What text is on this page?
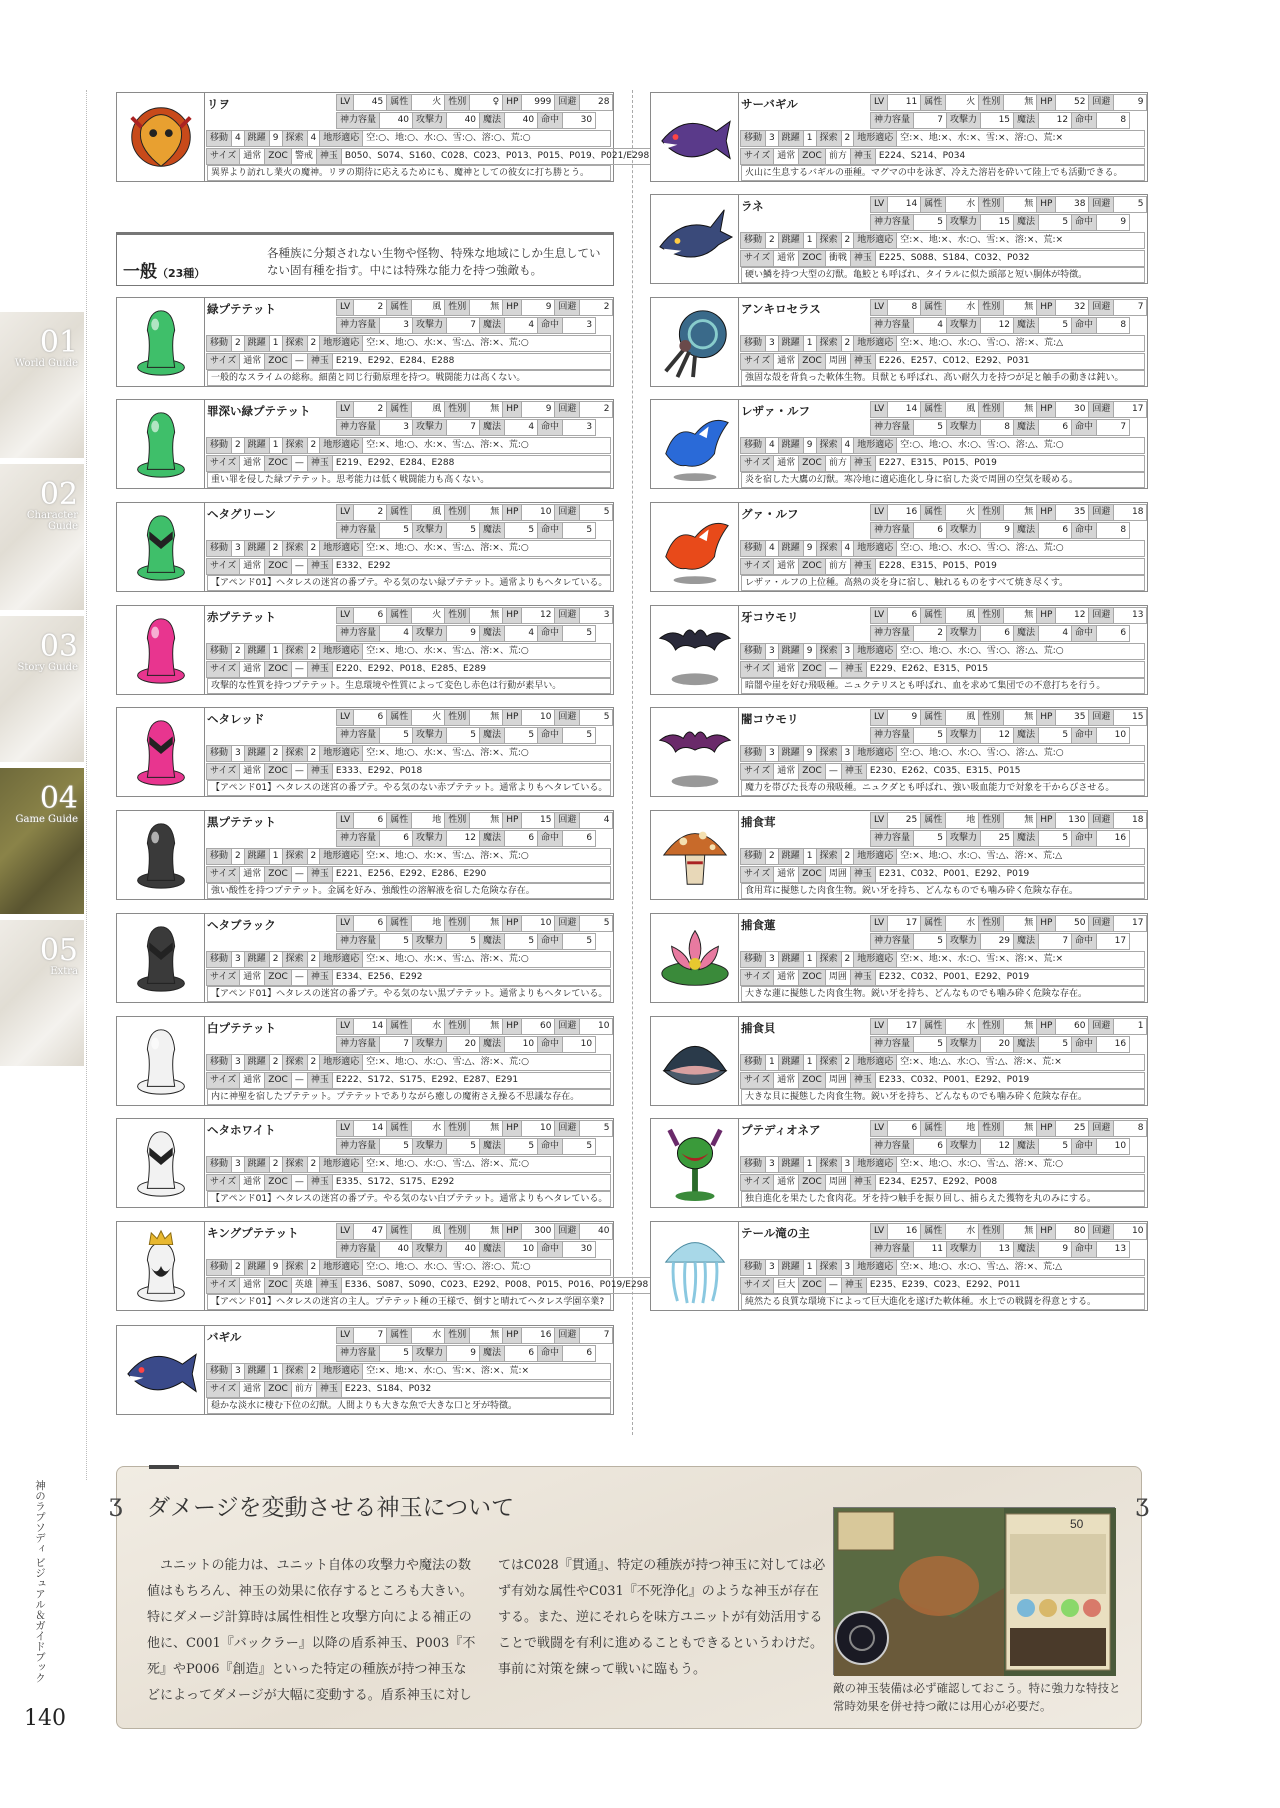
01
World Guide
02
Character Guide
03
Story Guide
04
Game Guide
05
Extra
一般（23種）
各種族に分類されない生物や怪物、特殊な地域にしか生息していない固有種を指す。中には特殊な能力を持つ強敵も。
リヲ	LV	45 属性	火 性別	♀ HP	999 回避	28
神力容量	40 攻撃力	40 魔法	40 命中	30
移動 4 跳躍 9 探索 4 地形適応 空:○、地:○、水:○、雪:○、溶:○、荒:○
サイズ 通常 ZOC 警戒 神玉 B050、S074、S160、C028、C023、P013、P015、P019、P021/E298
異界より訪れし業火の魔神。リヲの期待に応えるためにも、魔神としての彼女に打ち勝とう。
緑プテテット	LV	2 属性	風 性別	無 HP	9 回避	2
神力容量	3 攻撃力	7 魔法	4 命中	3
移動 2 跳躍 1 探索 2 地形適応 空:×、地:○、水:×、雪:△、溶:×、荒:○
サイズ 通常 ZOC — 神玉 E219、E292、E284、E288
一般的なスライムの総称。細菌と同じ行動原理を持つ。戦闘能力は高くない。
罪深い緑プテテット	LV	2 属性	風 性別	無 HP	9 回避	2
神力容量	3 攻撃力	7 魔法	4 命中	3
移動 2 跳躍 1 探索 2 地形適応 空:×、地:○、水:×、雪:△、溶:×、荒:○
サイズ 通常 ZOC — 神玉 E219、E292、E284、E288
重い罪を侵した緑プテテット。思考能力は低く戦闘能力も高くない。
ヘタグリーン	LV	2 属性	風 性別	無 HP	10 回避	5
神力容量	5 攻撃力	5 魔法	5 命中	5
移動 3 跳躍 2 探索 2 地形適応 空:×、地:○、水:×、雪:△、溶:×、荒:○
サイズ 通常 ZOC — 神玉 E332、E292
【アペンド01】ヘタレスの迷宮の番プテ。やる気のない緑プテテット。通常よりもヘタレている。
赤プテテット	LV	6 属性	火 性別	無 HP	12 回避	3
神力容量	4 攻撃力	9 魔法	4 命中	5
移動 2 跳躍 1 探索 2 地形適応 空:×、地:○、水:×、雪:△、溶:×、荒:○
サイズ 通常 ZOC — 神玉 E220、E292、P018、E285、E289
攻撃的な性質を持つプテテット。生息環境や性質によって変色し赤色は行動が素早い。
ヘタレッド	LV	6 属性	火 性別	無 HP	10 回避	5
神力容量	5 攻撃力	5 魔法	5 命中	5
移動 3 跳躍 2 探索 2 地形適応 空:×、地:○、水:×、雪:△、溶:×、荒:○
サイズ 通常 ZOC — 神玉 E333、E292、P018
【アペンド01】ヘタレスの迷宮の番プテ。やる気のない赤プテテット。通常よりもヘタレている。
黒プテテット	LV	6 属性	地 性別	無 HP	15 回避	4
神力容量	6 攻撃力	12 魔法	6 命中	6
移動 2 跳躍 1 探索 2 地形適応 空:×、地:○、水:×、雪:△、溶:×、荒:○
サイズ 通常 ZOC — 神玉 E221、E256、E292、E286、E290
強い酸性を持つプテテット。金属を好み、強酸性の溶解液を宿した危険な存在。
ヘタブラック	LV	6 属性	地 性別	無 HP	10 回避	5
神力容量	5 攻撃力	5 魔法	5 命中	5
移動 3 跳躍 2 探索 2 地形適応 空:×、地:○、水:×、雪:△、溶:×、荒:○
サイズ 通常 ZOC — 神玉 E334、E256、E292
【アペンド01】ヘタレスの迷宮の番プテ。やる気のない黒プテテット。通常よりもヘタレている。
白プテテット	LV	14 属性	水 性別	無 HP	60 回避	10
神力容量	7 攻撃力	20 魔法	10 命中	10
移動 3 跳躍 2 探索 2 地形適応 空:×、地:○、水:○、雪:△、溶:×、荒:○
サイズ 通常 ZOC — 神玉 E222、S172、S175、E292、E287、E291
内に神聖を宿したプテテット。プテテットでありながら癒しの魔術さえ操る不思議な存在。
ヘタホワイト	LV	14 属性	水 性別	無 HP	10 回避	5
神力容量	5 攻撃力	5 魔法	5 命中	5
移動 3 跳躍 2 探索 2 地形適応 空:×、地:○、水:○、雪:△、溶:×、荒:○
サイズ 通常 ZOC — 神玉 E335、S172、S175、E292
【アペンド01】ヘタレスの迷宮の番プテ。やる気のない白プテテット。通常よりもヘタレている。
キングプテテット	LV	47 属性	風 性別	無 HP	300 回避	40
神力容量	40 攻撃力	40 魔法	10 命中	30
移動 2 跳躍 9 探索 2 地形適応 空:○、地:○、水:○、雪:○、溶:○、荒:○
サイズ 通常 ZOC 英雄 神玉 E336、S087、S090、C023、E292、P008、P015、P016、P019/E298
【アペンド01】ヘタレスの迷宮の主人。プテテット種の王様で、倒すと晴れてヘタレス学園卒業?
バギル	LV	7 属性	水 性別	無 HP	16 回避	7
神力容量	5 攻撃力	9 魔法	6 命中	6
移動 3 跳躍 1 探索 2 地形適応 空:×、地:×、水:○、雪:×、溶:×、荒:×
サイズ 通常 ZOC 前方 神玉 E223、S184、P032
穏かな淡水に棲む下位の幻獣。人間よりも大きな魚で大きな口と牙が特徴。
サーバギル	LV	11 属性	火 性別	無 HP	52 回避	9
神力容量	7 攻撃力	15 魔法	12 命中	8
移動 3 跳躍 1 探索 2 地形適応 空:×、地:×、水:×、雪:×、溶:○、荒:×
サイズ 通常 ZOC 前方 神玉 E224、S214、P034
火山に生息するバギルの亜種。マグマの中を泳ぎ、冷えた溶岩を砕いて陸上でも活動できる。
ラネ	LV	14 属性	水 性別	無 HP	38 回避	5
神力容量	5 攻撃力	15 魔法	5 命中	9
移動 2 跳躍 1 探索 2 地形適応 空:×、地:×、水:○、雪:×、溶:×、荒:×
サイズ 通常 ZOC 衝戦 神玉 E225、S088、S184、C032、P032
硬い鱗を持つ大型の幻獣。亀鮫とも呼ばれ、タイラルに似た頭部と短い胴体が特徴。
アンキロセラス	LV	8 属性	水 性別	無 HP	32 回避	7
神力容量	4 攻撃力	12 魔法	5 命中	8
移動 3 跳躍 1 探索 2 地形適応 空:×、地:○、水:○、雪:○、溶:×、荒:△
サイズ 通常 ZOC 周囲 神玉 E226、E257、C012、E292、P031
強固な殻を背負った軟体生物。貝獣とも呼ばれ、高い耐久力を持つが足と触手の動きは鈍い。
レザァ・ルフ	LV	14 属性	風 性別	無 HP	30 回避	17
神力容量	5 攻撃力	8 魔法	6 命中	7
移動 4 跳躍 9 探索 4 地形適応 空:○、地:○、水:○、雪:○、溶:△、荒:○
サイズ 通常 ZOC 前方 神玉 E227、E315、P015、P019
炎を宿した大鷹の幻獣。寒冷地に適応進化し身に宿した炎で周囲の空気を暖める。
グァ・ルフ	LV	16 属性	火 性別	無 HP	35 回避	18
神力容量	6 攻撃力	9 魔法	6 命中	8
移動 4 跳躍 9 探索 4 地形適応 空:○、地:○、水:○、雪:○、溶:△、荒:○
サイズ 通常 ZOC 前方 神玉 E228、E315、P015、P019
レザァ・ルフの上位種。高熱の炎を身に宿し、触れるものをすべて焼き尽くす。
牙コウモリ	LV	6 属性	風 性別	無 HP	12 回避	13
神力容量	2 攻撃力	6 魔法	4 命中	6
移動 3 跳躍 9 探索 3 地形適応 空:○、地:○、水:○、雪:○、溶:△、荒:○
サイズ 通常 ZOC — 神玉 E229、E262、E315、P015
暗闇や崖を好む飛吸種。ニュクテリスとも呼ばれ、血を求めて集団での不意打ちを行う。
闇コウモリ	LV	9 属性	風 性別	無 HP	35 回避	15
神力容量	5 攻撃力	12 魔法	5 命中	10
移動 3 跳躍 9 探索 3 地形適応 空:○、地:○、水:○、雪:○、溶:△、荒:○
サイズ 通常 ZOC — 神玉 E230、E262、C035、E315、P015
魔力を帯びた長寿の飛吸種。ニュクダとも呼ばれ、強い吸血能力で対象を干からびさせる。
捕食茸	LV	25 属性	地 性別	無 HP	130 回避	18
神力容量	5 攻撃力	25 魔法	5 命中	16
移動 2 跳躍 1 探索 2 地形適応 空:×、地:○、水:○、雪:△、溶:×、荒:△
サイズ 通常 ZOC 周囲 神玉 E231、C032、P001、E292、P019
食用茸に擬態した肉食生物。鋭い牙を持ち、どんなものでも噛み砕く危険な存在。
捕食蓮	LV	17 属性	水 性別	無 HP	50 回避	17
神力容量	5 攻撃力	29 魔法	7 命中	17
移動 3 跳躍 1 探索 2 地形適応 空:×、地:×、水:○、雪:×、溶:×、荒:×
サイズ 通常 ZOC 周囲 神玉 E232、C032、P001、E292、P019
大きな蓮に擬態した肉食生物。鋭い牙を持ち、どんなものでも噛み砕く危険な存在。
捕食貝	LV	17 属性	水 性別	無 HP	60 回避	1
神力容量	5 攻撃力	20 魔法	5 命中	16
移動 1 跳躍 1 探索 2 地形適応 空:×、地:△、水:○、雪:△、溶:×、荒:×
サイズ 通常 ZOC 周囲 神玉 E233、C032、P001、E292、P019
大きな貝に擬態した肉食生物。鋭い牙を持ち、どんなものでも噛み砕く危険な存在。
プテディオネア	LV	6 属性	地 性別	無 HP	25 回避	8
神力容量	6 攻撃力	12 魔法	5 命中	10
移動 3 跳躍 1 探索 3 地形適応 空:×、地:○、水:○、雪:△、溶:×、荒:○
サイズ 通常 ZOC 周囲 神玉 E234、E257、E292、P008
独自進化を果たした食肉花。牙を持つ触手を振り回し、捕らえた獲物を丸のみにする。
テール滝の主	LV	16 属性	水 性別	無 HP	80 回避	10
神力容量	11 攻撃力	13 魔法	9 命中	13
移動 3 跳躍 1 探索 3 地形適応 空:×、地:○、水:○、雪:△、溶:×、荒:△
サイズ 巨大 ZOC — 神玉 E235、E239、C023、E292、P011
純然たる良質な環境下によって巨大進化を遂げた軟体種。水上での戦闘を得意とする。
ʒ ダメージを変動させる神玉について	ʒ
ユニットの能力は、ユニット自体の攻撃力や魔法の数値はもちろん、神玉の効果に依存するところも大きい。特にダメージ計算時は属性相性と攻撃方向による補正の他に、C001『バックラー』以降の盾系神玉、P003『不死』やP006『創造』といった特定の種族が持つ神玉などによってダメージが大幅に変動する。盾系神玉に対してはC028『貫通』、特定の種族が持つ神玉に対しては必ず有効な属性やC031『不死浄化』のような神玉が存在する。また、逆にそれらを味方ユニットが有効活用することで戦闘を有利に進めることもできるというわけだ。事前に対策を練って戦いに臨もう。
50
敵の神玉装備は必ず確認しておこう。特に強力な特技と常時効果を併せ持つ敵には用心が必要だ。
神のラプソディ ビジュアル＆ガイドブック
140
